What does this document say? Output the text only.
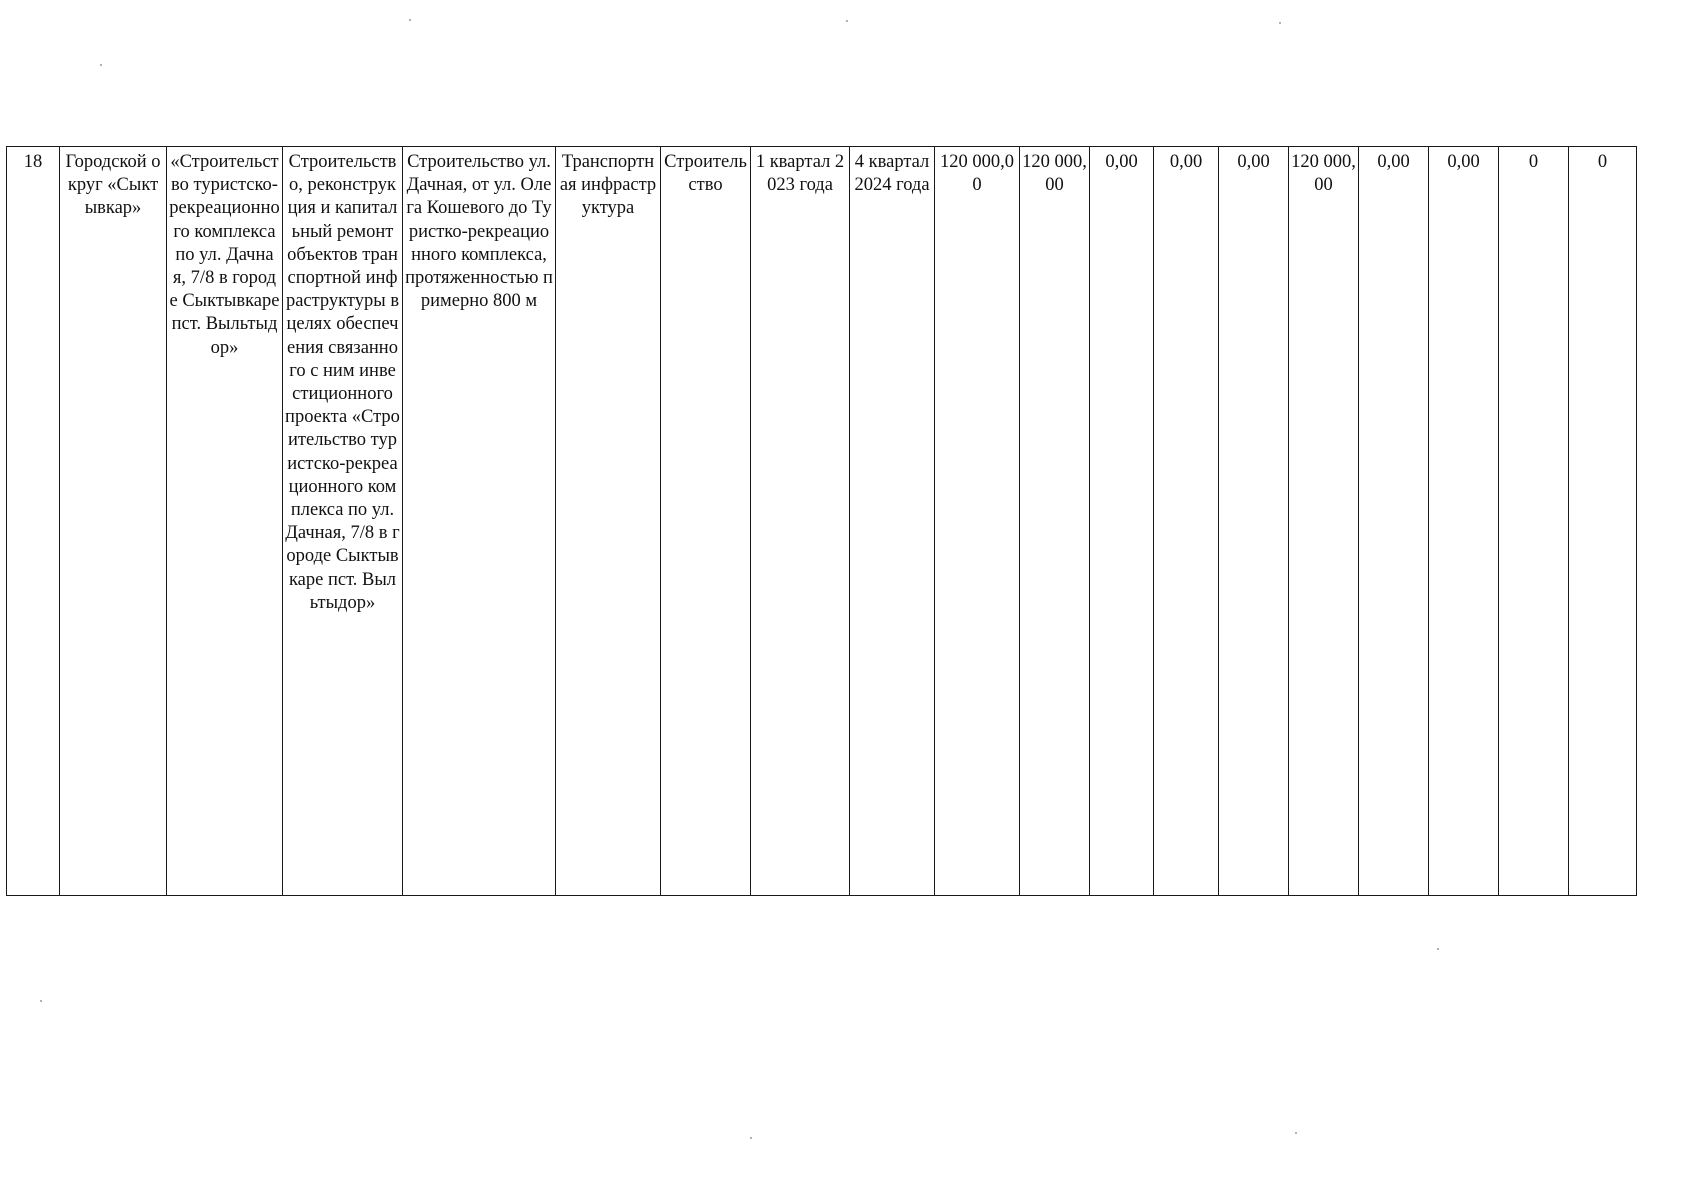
18	Городской округ «Сыктывкар»	«Строительство туристско-рекреационного комплекса по ул. Дачная, 7/8 в городе Сыктывкаре пст. Выльтыдор»	Строительство, реконструкция и капитальный ремонт объектов транспортной инфраструктуры в целях обеспечения связанного с ним инвестиционного проекта «Строительство туристско-рекреационного комплекса по ул. Дачная, 7/8 в городе Сыктывкаре пст. Выльтыдор»	Строительство ул. Дачная, от ул. Олега Кошевого до Туристко-рекреационного комплекса, протяженностью примерно 800 м	Транспортная инфраструктура	Строительство	1 квартал 2023 года	4 квартал 2024 года	120 000,00	120 000,00	0,00	0,00	0,00	120 000,00	0,00	0,00	0	0
